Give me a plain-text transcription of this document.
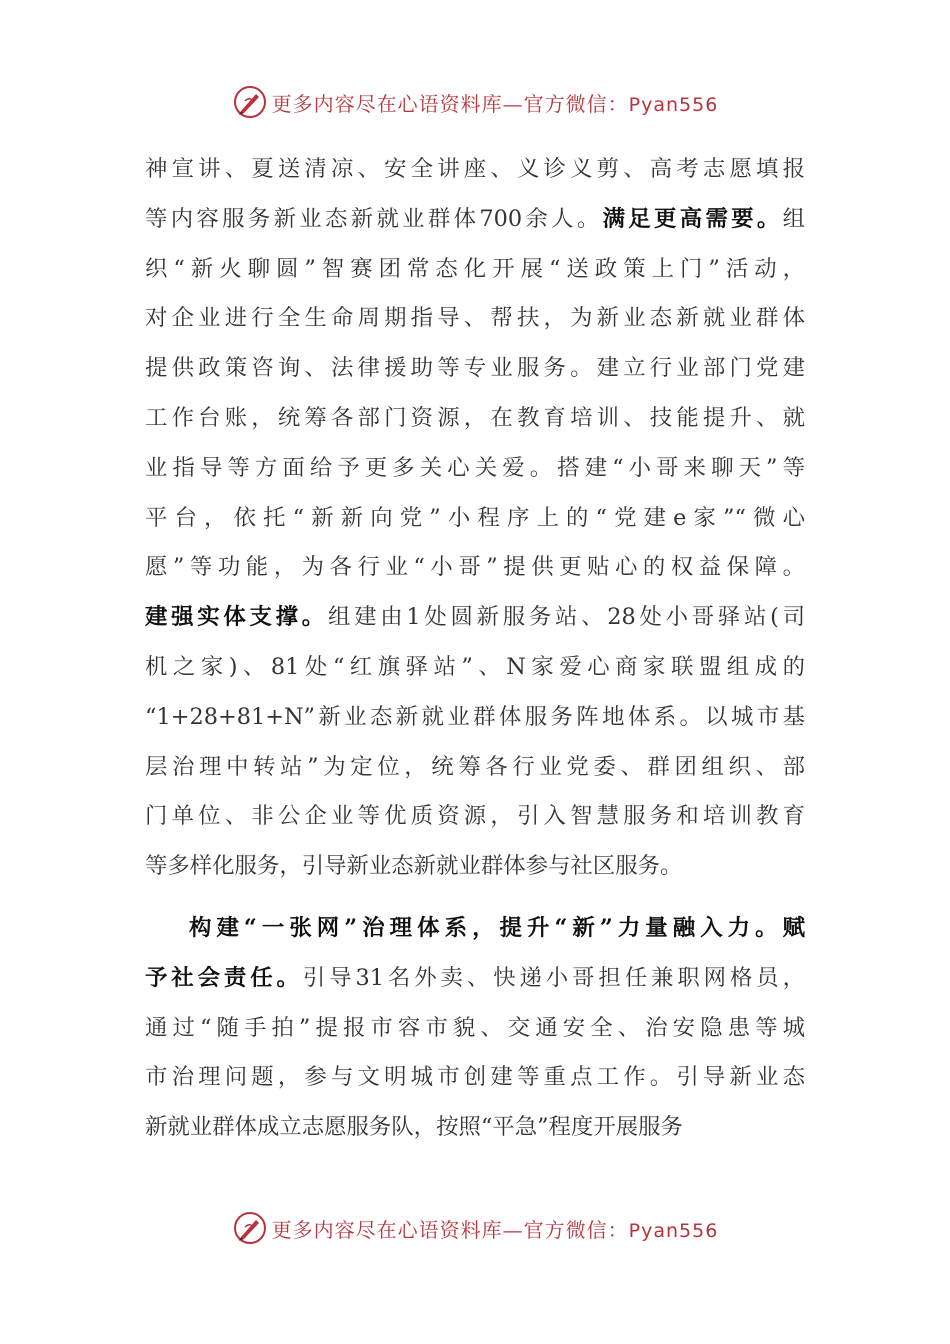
更多内容尽在心语资料库—官方微信：Pyan556
神宣讲、夏送清凉、安全讲座、义诊义剪、高考志愿填报
等内容服务新业态新就业群体700余人。满足更高需要。组
织“新火聊圆”智赛团常态化开展“送政策上门”活动，
对企业进行全生命周期指导、帮扶，为新业态新就业群体
提供政策咨询、法律援助等专业服务。建立行业部门党建
工作台账，统筹各部门资源，在教育培训、技能提升、就
业指导等方面给予更多关心关爱。搭建“小哥来聊天”等
平台，依托“新新向党”小程序上的“党建e家”“微心
愿”等功能，为各行业“小哥”提供更贴心的权益保障。
建强实体支撑。组建由1处圆新服务站、28处小哥驿站(司
机之家)、81处“红旗驿站”、N家爱心商家联盟组成的
“1+28+81+N”新业态新就业群体服务阵地体系。以城市基
层治理中转站”为定位，统筹各行业党委、群团组织、部
门单位、非公企业等优质资源，引入智慧服务和培训教育
等多样化服务，引导新业态新就业群体参与社区服务。
构建“一张网”治理体系，提升“新”力量融入力。赋
予社会责任。引导31名外卖、快递小哥担任兼职网格员，
通过“随手拍”提报市容市貌、交通安全、治安隐患等城
市治理问题，参与文明城市创建等重点工作。引导新业态
新就业群体成立志愿服务队，按照“平急”程度开展服务
更多内容尽在心语资料库—官方微信：Pyan556
